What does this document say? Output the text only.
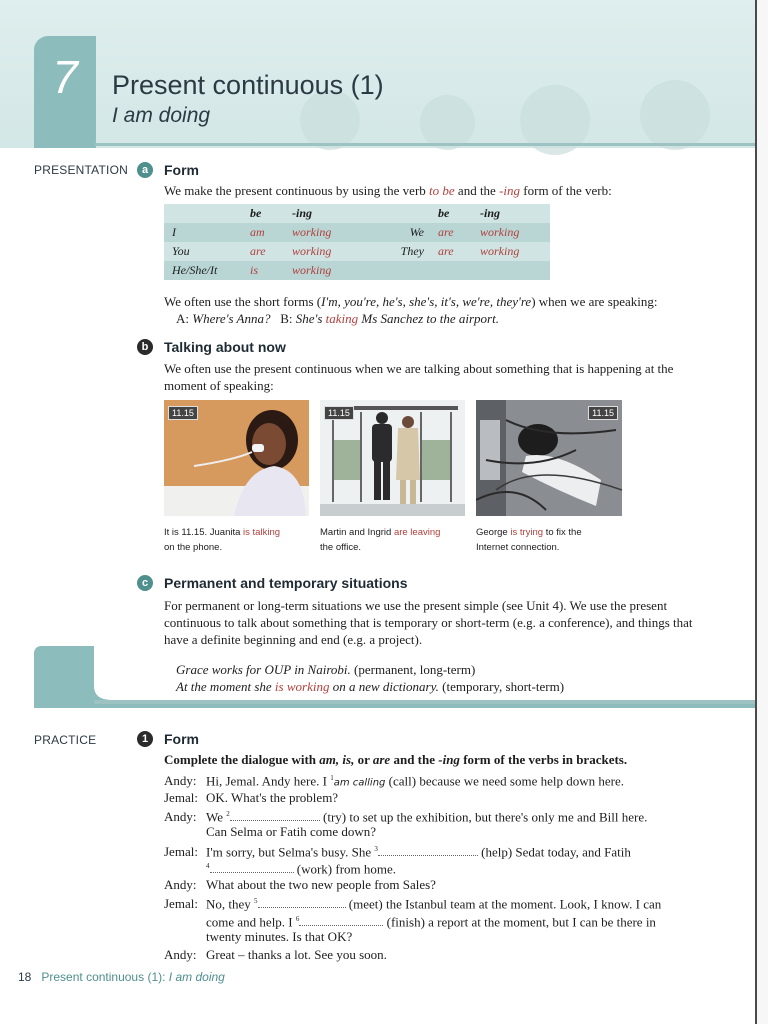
7	Present continuous (1)
I am doing
PRESENTATION	a	Form
We make the present continuous by using the verb to be and the -ing form of the verb:
	be	-ing		be	-ing
I	am	working	We	are	working
You	are	working	They	are	working
He/She/It	is	working			
We often use the short forms (I'm, you're, he's, she's, it's, we're, they're) when we are speaking:
A: Where's Anna? B: She's taking Ms Sanchez to the airport.
b	Talking about now
We often use the present continuous when we are talking about something that is happening at the moment of speaking:
11.15	11.15	11.15
It is 11.15. Juanita is talking
on the phone.
Martin and Ingrid are leaving
the office.
George is trying to fix the Internet connection.
c	Permanent and temporary situations
For permanent or long-term situations we use the present simple (see Unit 4). We use the present continuous to talk about something that is temporary or short-term (e.g. a conference), and things that have a definite beginning and end (e.g. a project).
Grace works for OUP in Nairobi. (permanent, long-term)
At the moment she is working on a new dictionary. (temporary, short-term)
PRACTICE	1	Form
Complete the dialogue with am, is, or are and the -ing form of the verbs in brackets.
Andy: Hi, Jemal. Andy here. I $^1$am calling (call) because we need some help down here.
Jemal: OK. What's the problem?
Andy: We $^2$	(try) to set up the exhibition, but there's only me and Bill here.
Can Selma or Fatih come down?
Jemal: I'm sorry, but Selma's busy. She $^3$	(help) Sedat today, and Fatih
$^4$	(work) from home.
Andy: What about the two new people from Sales?
Jemal: No, they $^5$	(meet) the Istanbul team at the moment. Look, I know. I can
come and help. I $^6$	(finish) a report at the moment, but I can be there in
twenty minutes. Is that OK?
Andy: Great – thanks a lot. See you soon.
18 Present continuous (1): I am doing
